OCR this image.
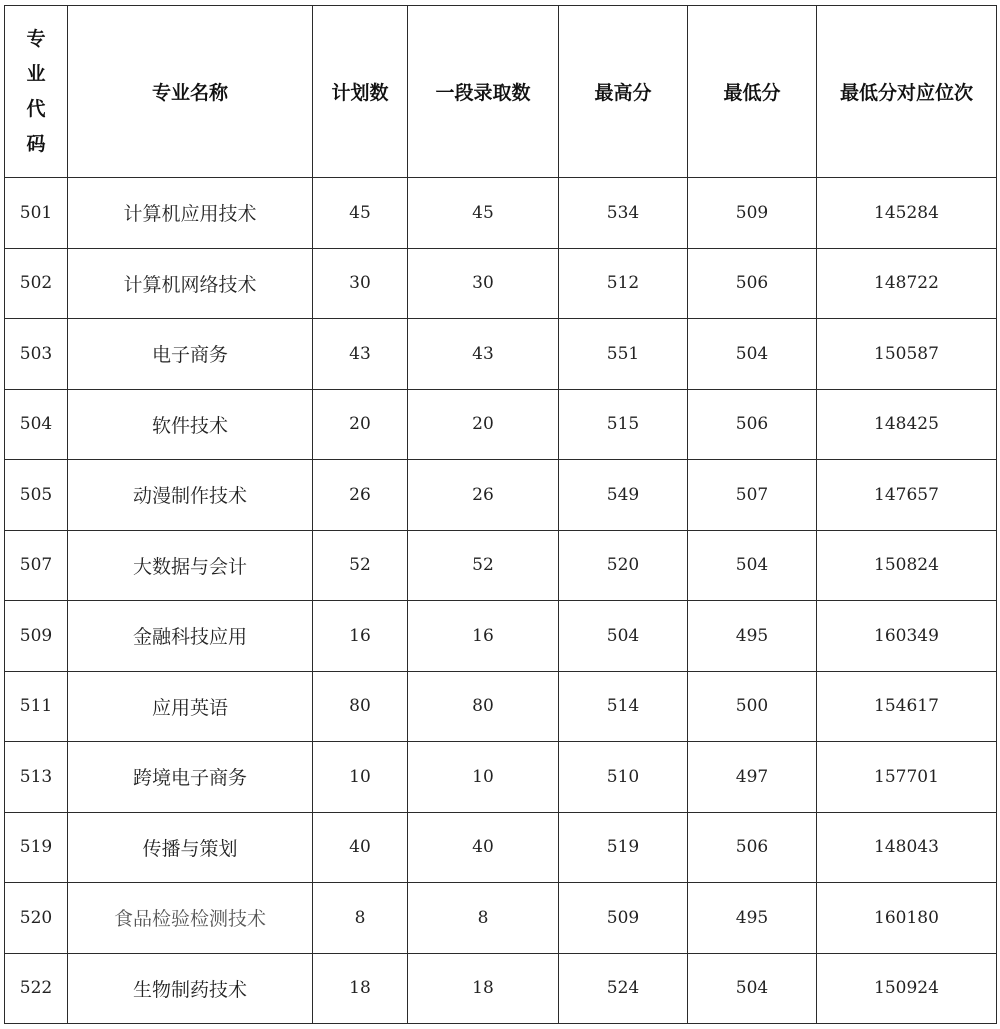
专
业
代
码	专业名称	计划数	一段录取数	最高分	最低分	最低分对应位次
501	计算机应用技术	45	45	534	509	145284
502	计算机网络技术	30	30	512	506	148722
503	电子商务	43	43	551	504	150587
504	软件技术	20	20	515	506	148425
505	动漫制作技术	26	26	549	507	147657
507	大数据与会计	52	52	520	504	150824
509	金融科技应用	16	16	504	495	160349
511	应用英语	80	80	514	500	154617
513	跨境电子商务	10	10	510	497	157701
519	传播与策划	40	40	519	506	148043
520	食品检验检测技术	8	8	509	495	160180
522	生物制药技术	18	18	524	504	150924
